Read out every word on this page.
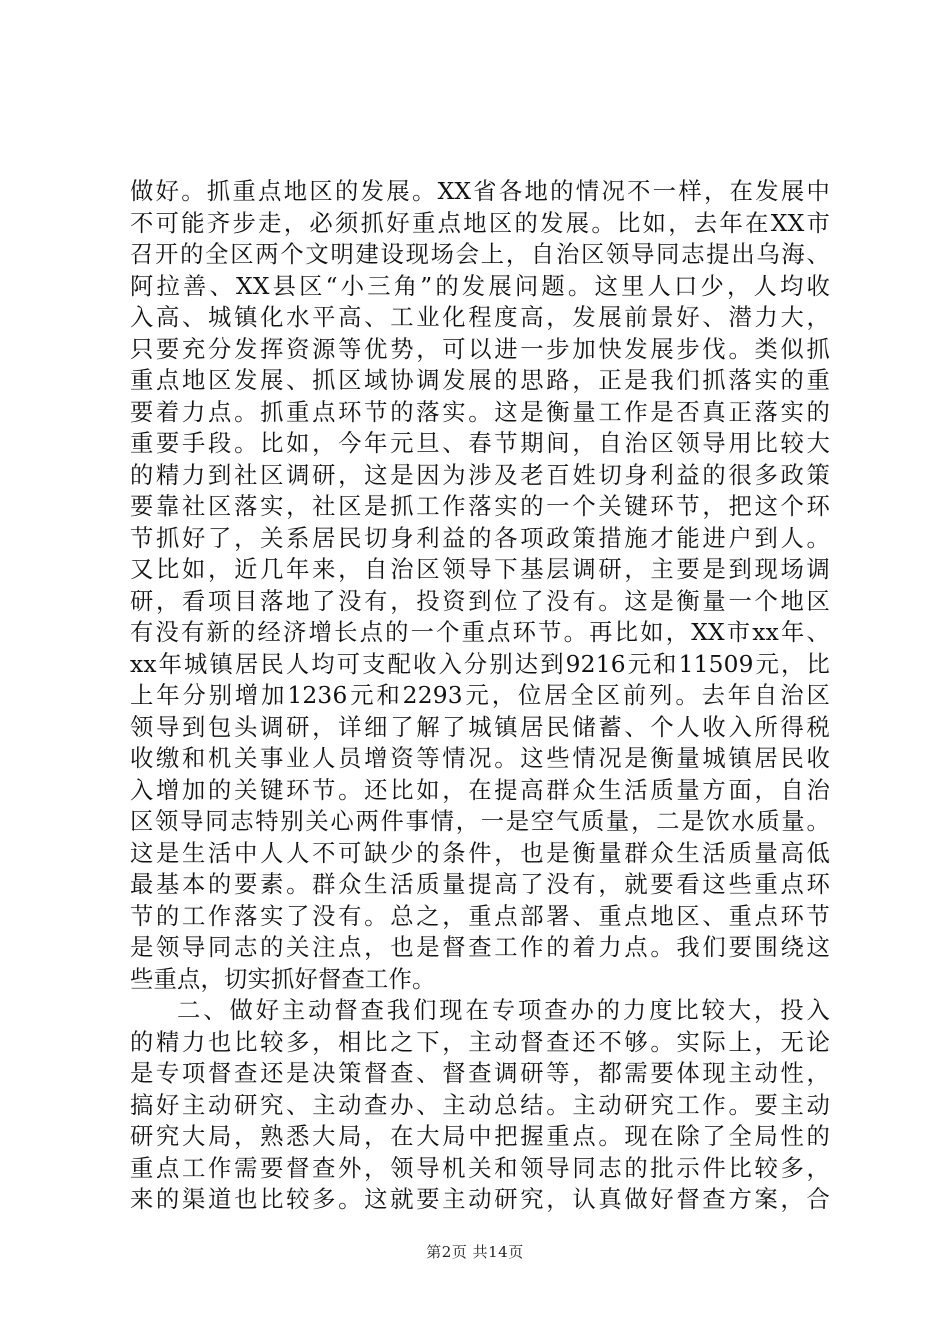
做好。抓重点地区的发展。XX省各地的情况不一样，在发展中
不可能齐步走，必须抓好重点地区的发展。比如，去年在XX市
召开的全区两个文明建设现场会上，自治区领导同志提出乌海、
阿拉善、XX县区“小三角”的发展问题。这里人口少，人均收
入高、城镇化水平高、工业化程度高，发展前景好、潜力大，
只要充分发挥资源等优势，可以进一步加快发展步伐。类似抓
重点地区发展、抓区域协调发展的思路，正是我们抓落实的重
要着力点。抓重点环节的落实。这是衡量工作是否真正落实的
重要手段。比如，今年元旦、春节期间，自治区领导用比较大
的精力到社区调研，这是因为涉及老百姓切身利益的很多政策
要靠社区落实，社区是抓工作落实的一个关键环节，把这个环
节抓好了，关系居民切身利益的各项政策措施才能进户到人。
又比如，近几年来，自治区领导下基层调研，主要是到现场调
研，看项目落地了没有，投资到位了没有。这是衡量一个地区
有没有新的经济增长点的一个重点环节。再比如，XX市xx年、
xx年城镇居民人均可支配收入分别达到9216元和11509元，比
上年分别增加1236元和2293元，位居全区前列。去年自治区
领导到包头调研，详细了解了城镇居民储蓄、个人收入所得税
收缴和机关事业人员增资等情况。这些情况是衡量城镇居民收
入增加的关键环节。还比如，在提高群众生活质量方面，自治
区领导同志特别关心两件事情，一是空气质量，二是饮水质量。
这是生活中人人不可缺少的条件，也是衡量群众生活质量高低
最基本的要素。群众生活质量提高了没有，就要看这些重点环
节的工作落实了没有。总之，重点部署、重点地区、重点环节
是领导同志的关注点，也是督查工作的着力点。我们要围绕这
些重点，切实抓好督查工作。
二、做好主动督查我们现在专项查办的力度比较大，投入
的精力也比较多，相比之下，主动督查还不够。实际上，无论
是专项督查还是决策督查、督查调研等，都需要体现主动性，
搞好主动研究、主动查办、主动总结。主动研究工作。要主动
研究大局，熟悉大局，在大局中把握重点。现在除了全局性的
重点工作需要督查外，领导机关和领导同志的批示件比较多，
来的渠道也比较多。这就要主动研究，认真做好督查方案，合
第2页 共14页
